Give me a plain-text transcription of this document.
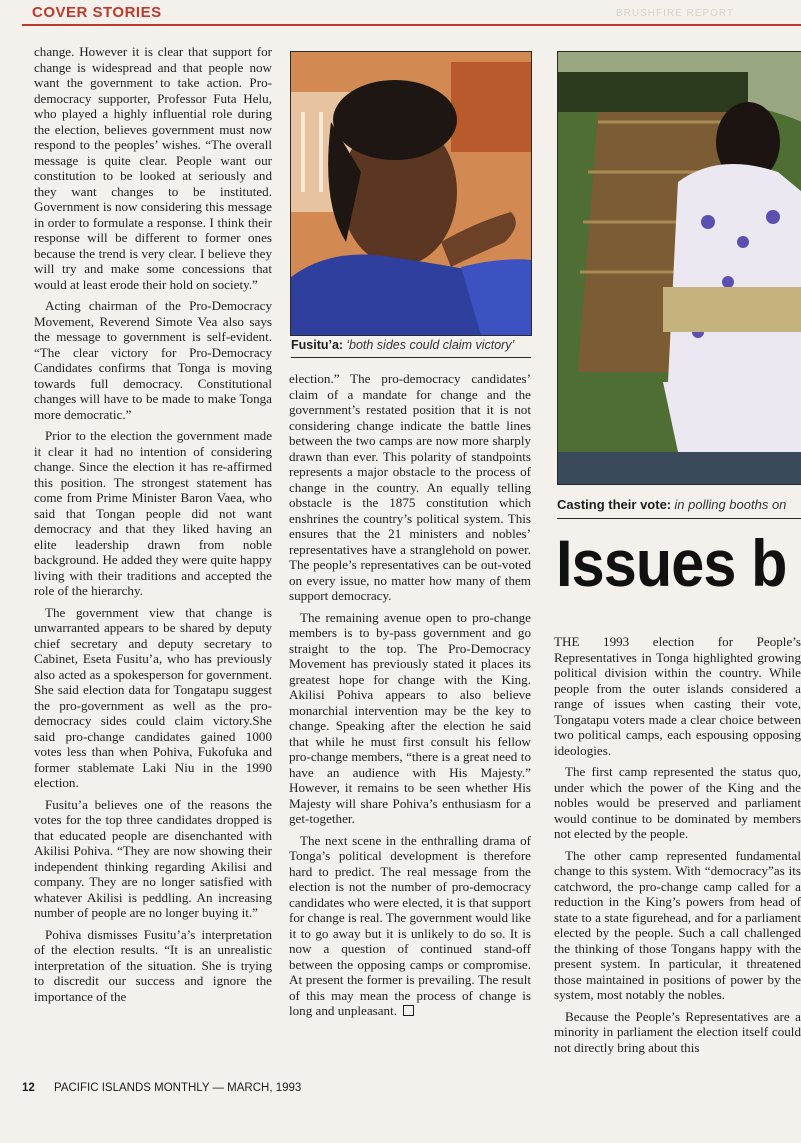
COVER STORIES	BRUSHFIRE REPORT

change. However it is clear that support for change is widespread and that people now want the government to take action. Pro-democracy supporter, Professor Futa Helu, who played a highly influential role during the election, believes government must now respond to the peoples’ wishes. “The overall message is quite clear. People want our constitution to be looked at seriously and they want changes to be instituted. Government is now considering this message in order to formulate a response. I think their response will be different to former ones because the trend is very clear. I believe they will try and make some concessions that would at least erode their hold on society.”

Acting chairman of the Pro-Democracy Movement, Reverend Simote Vea also says the message to government is self-evident. “The clear victory for Pro-Democracy Candidates confirms that Tonga is moving towards full democracy. Constitutional changes will have to be made to make Tonga more democratic.”

Prior to the election the government made it clear it had no intention of considering change. Since the election it has re-affirmed this position. The strongest statement has come from Prime Minister Baron Vaea, who said that Tongan people did not want democracy and that they liked having an elite leadership drawn from noble background. He added they were quite happy living with their traditions and accepted the role of the hierarchy.

The government view that change is unwarranted appears to be shared by deputy chief secretary and deputy secretary to Cabinet, Eseta Fusitu’a, who has previously also acted as a spokesperson for government. She said election data for Tongatapu suggest the pro-government as well as the pro-democracy sides could claim victory.She said pro-change candidates gained 1000 votes less than when Pohiva, Fukofuka and former stablemate Laki Niu in the 1990 election.

Fusitu’a believes one of the reasons the votes for the top three candidates dropped is that educated people are disenchanted with Akilisi Pohiva. “They are now showing their independent thinking regarding Akilisi and company. They are no longer satisfied with whatever Akilisi is peddling. An increasing number of people are no longer buying it.”

Pohiva dismisses Fusitu’a’s interpretation of the election results. “It is an unrealistic interpretation of the situation. She is trying to discredit our success and ignore the importance of the

Fusitu’a: ‘both sides could claim victory’

election.” The pro-democracy candidates’ claim of a mandate for change and the government’s restated position that it is not considering change indicate the battle lines between the two camps are now more sharply drawn than ever. This polarity of standpoints represents a major obstacle to the process of change in the country. An equally telling obstacle is the 1875 constitution which enshrines the country’s political system. This ensures that the 21 ministers and nobles’ representatives have a stranglehold on power. The people’s representatives can be out-voted on every issue, no matter how many of them support democracy.

The remaining avenue open to pro-change members is to by-pass government and go straight to the top. The Pro-Democracy Movement has previously stated it places its greatest hope for change with the King. Akilisi Pohiva appears to also believe monarchial intervention may be the key to change. Speaking after the election he said that while he must first consult his fellow pro-change members, “there is a great need to have an audience with His Majesty.” However, it remains to be seen whether His Majesty will share Pohiva’s enthusiasm for a get-together.

The next scene in the enthralling drama of Tonga’s political development is therefore hard to predict. The real message from the election is not the number of pro-democracy candidates who were elected, it is that support for change is real. The government would like it to go away but it is unlikely to do so. It is now a question of continued stand-off between the opposing camps or compromise. At present the former is prevailing. The result of this may mean the process of change is long and unpleasant.

Casting their vote: in polling booths on
Issues b

THE 1993 election for People’s Representatives in Tonga highlighted growing political division within the country. While people from the outer islands considered a range of issues when casting their vote, Tongatapu voters made a clear choice between two political camps, each espousing opposing ideologies.

The first camp represented the status quo, under which the power of the King and the nobles would be preserved and parliament would continue to be dominated by members not elected by the people.

The other camp represented fundamental change to this system. With “democracy”as its catchword, the pro-change camp called for a reduction in the King’s powers from head of state to a state figurehead, and for a parliament elected by the people. Such a call challenged the thinking of those Tongans happy with the present system. In particular, it threatened those maintained in positions of power by the system, most notably the nobles.

Because the People’s Representatives are a minority in parliament the election itself could not directly bring about this

12 PACIFIC ISLANDS MONTHLY — MARCH, 1993
